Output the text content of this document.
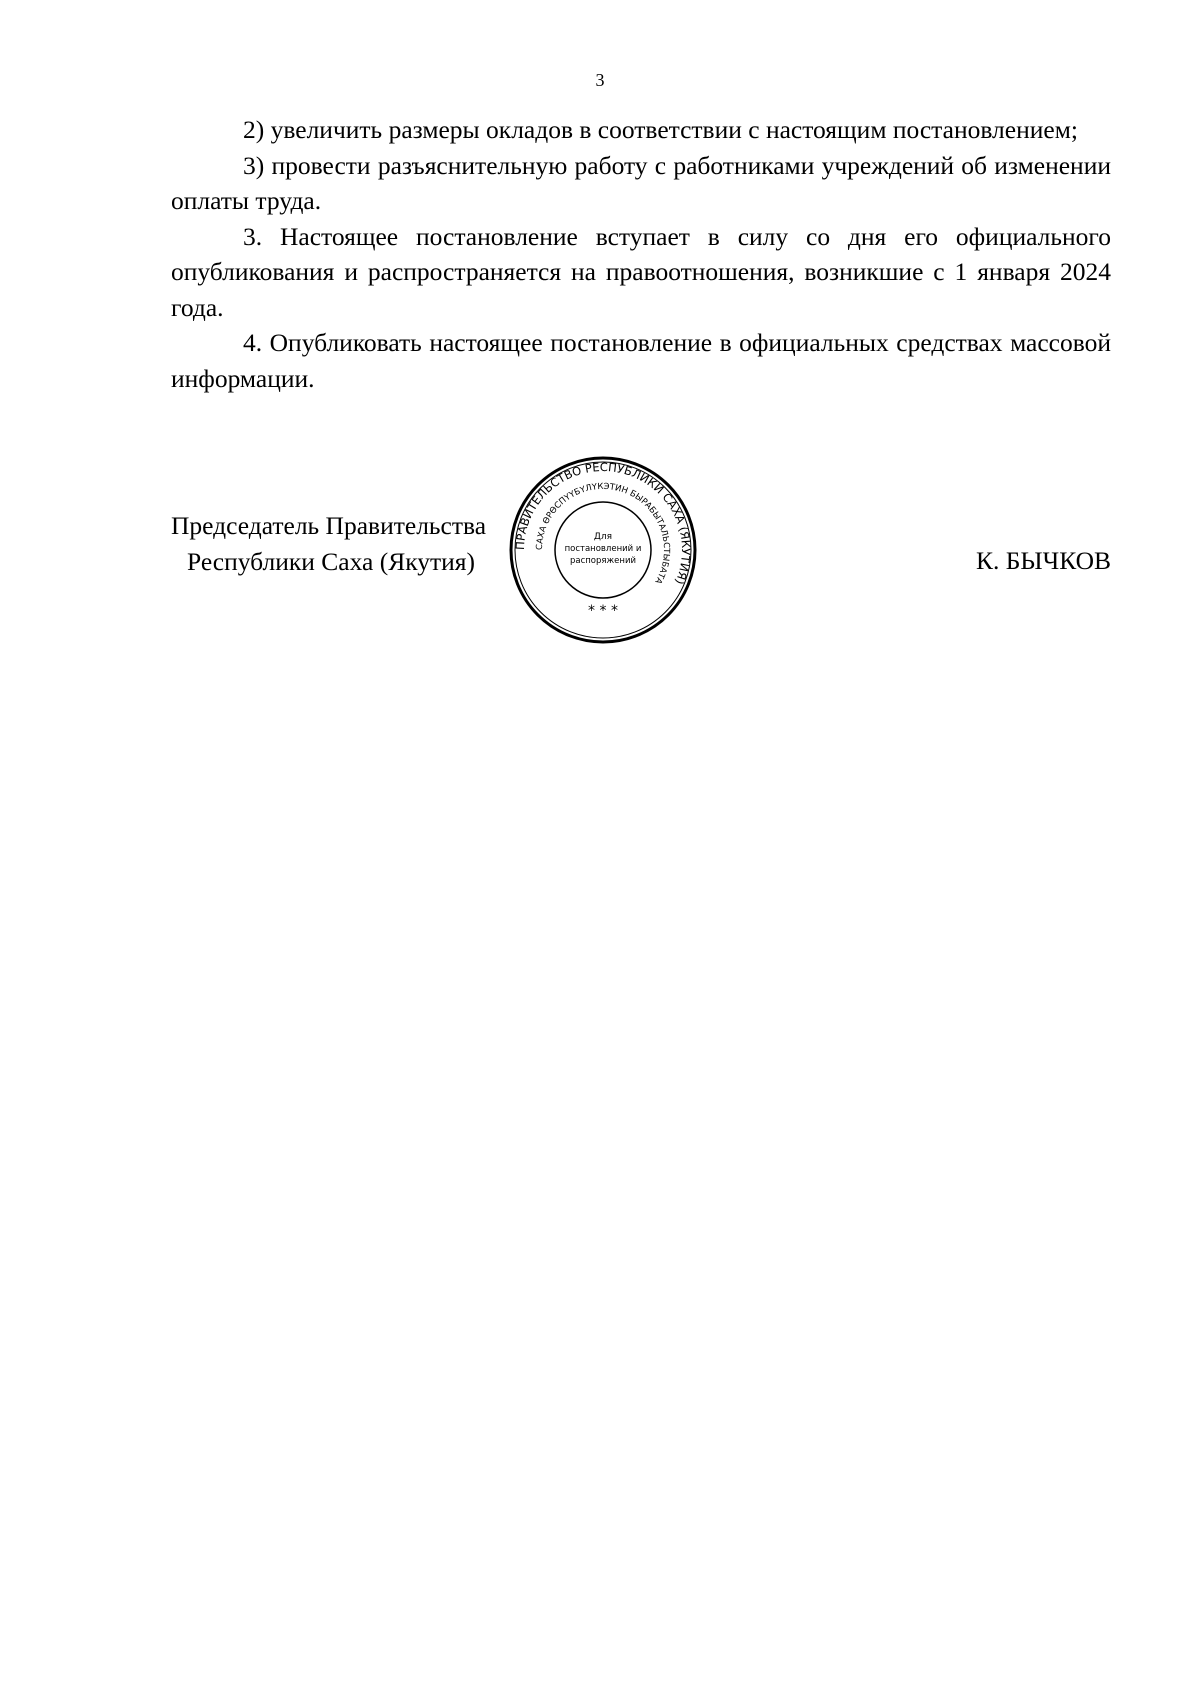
3

2) увеличить размеры окладов в соответствии с настоящим постановлением;

3) провести разъяснительную работу с работниками учреждений об изменении оплаты труда.

3. Настоящее постановление вступает в силу со дня его официального опубликования и распространяется на правоотношения, возникшие с 1 января 2024 года.

4. Опубликовать настоящее постановление в официальных средствах массовой информации.

Председатель Правительства
Республики Саха (Якутия)	К. БЫЧКОВ
ПРАВИТЕЛЬСТВО РЕСПУБЛИКИ САХА (ЯКУТИЯ)
САХА ӨРӨСПҮҮБҮЛҮКЭТИН БЫРАБЫТАЛЬСТЫБАТА
Для
постановлений и
распоряжений
* * *
